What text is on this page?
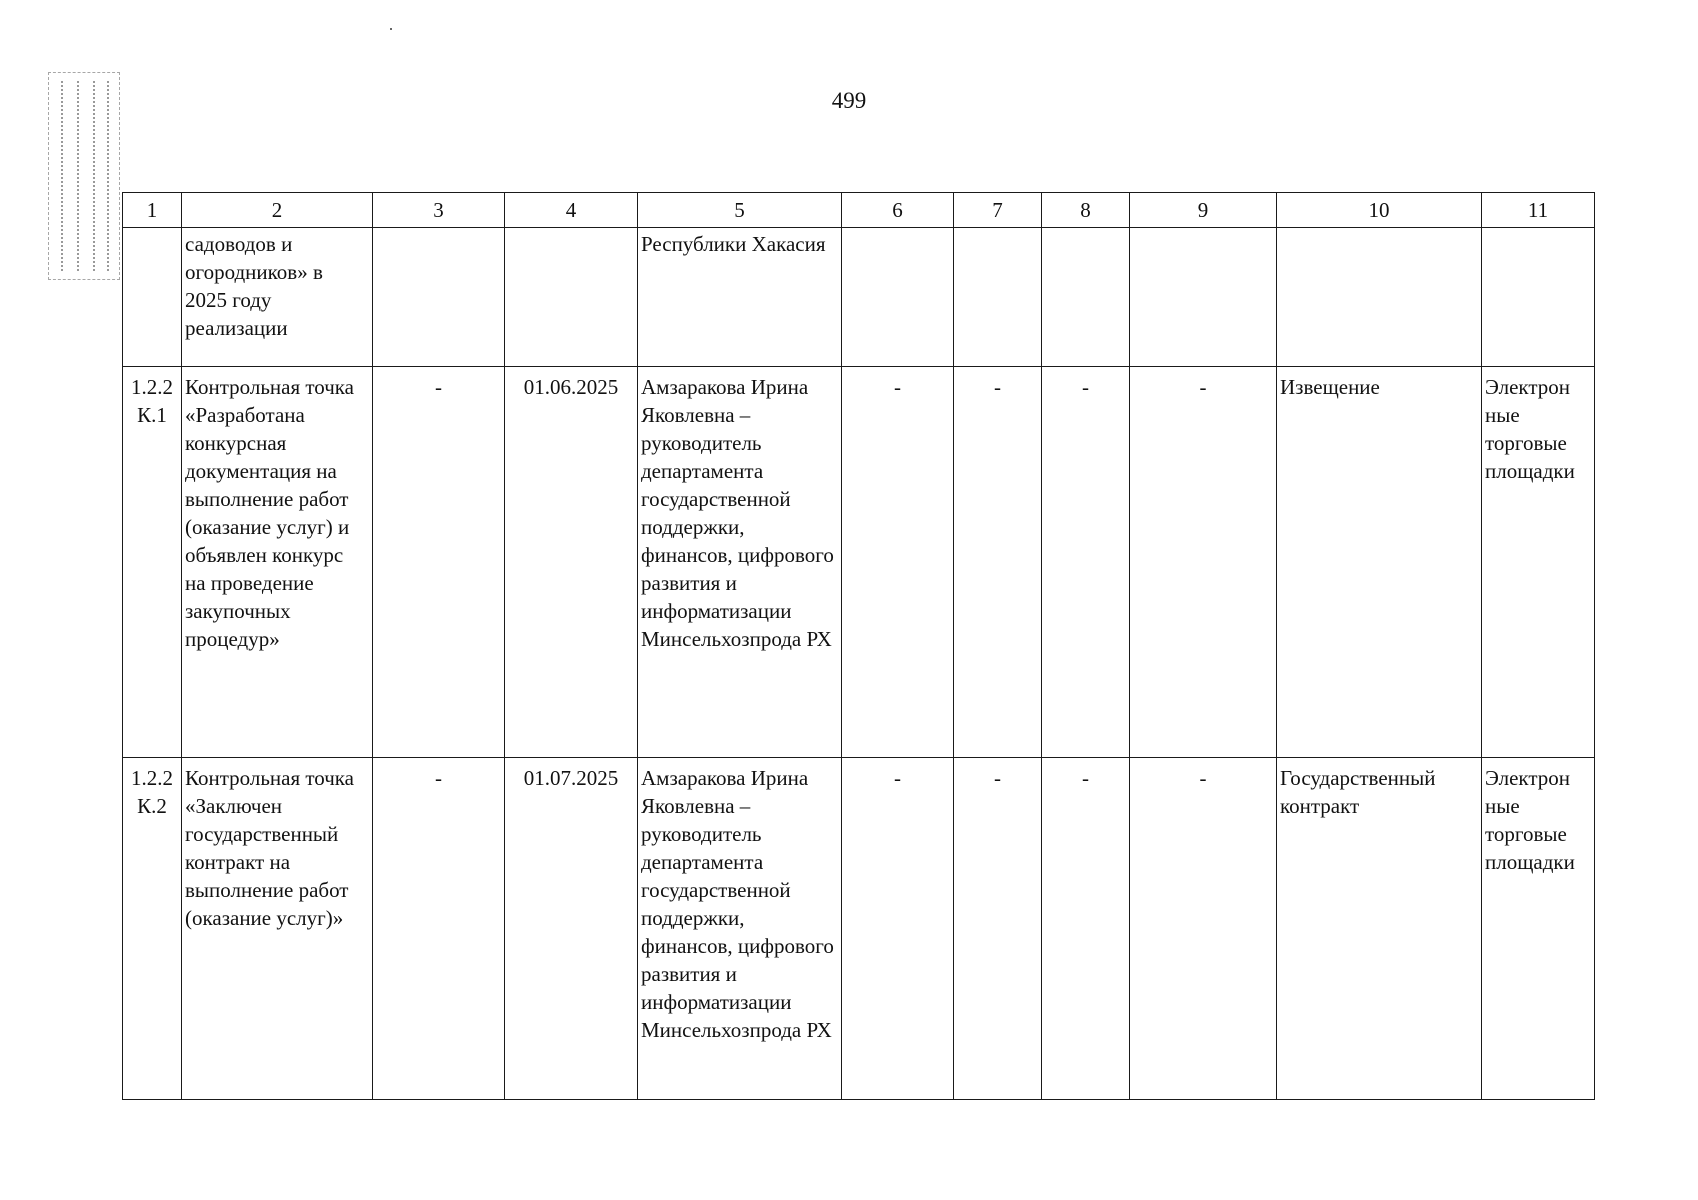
499
1	2	3	4	5	6	7	8	9	10	11
	садоводов и огородников» в 2025 году реализации			Республики Хакасия						
1.2.2 К.1	Контрольная точка «Разработана конкурсная документация на выполнение работ (оказание услуг) и объявлен конкурс на проведение закупочных процедур»	-	01.06.2025	Амзаракова Ирина Яковлевна – руководитель департамента государственной поддержки, финансов, цифрового развития и информатизации Минсельхозпрода РХ	-	-	-	-	Извещение	Электрон ные торговые площадки
1.2.2 К.2	Контрольная точка «Заключен государственный контракт на выполнение работ (оказание услуг)»	-	01.07.2025	Амзаракова Ирина Яковлевна – руководитель департамента государственной поддержки, финансов, цифрового развития и информатизации Минсельхозпрода РХ	-	-	-	-	Государственный контракт	Электрон ные торговые площадки
